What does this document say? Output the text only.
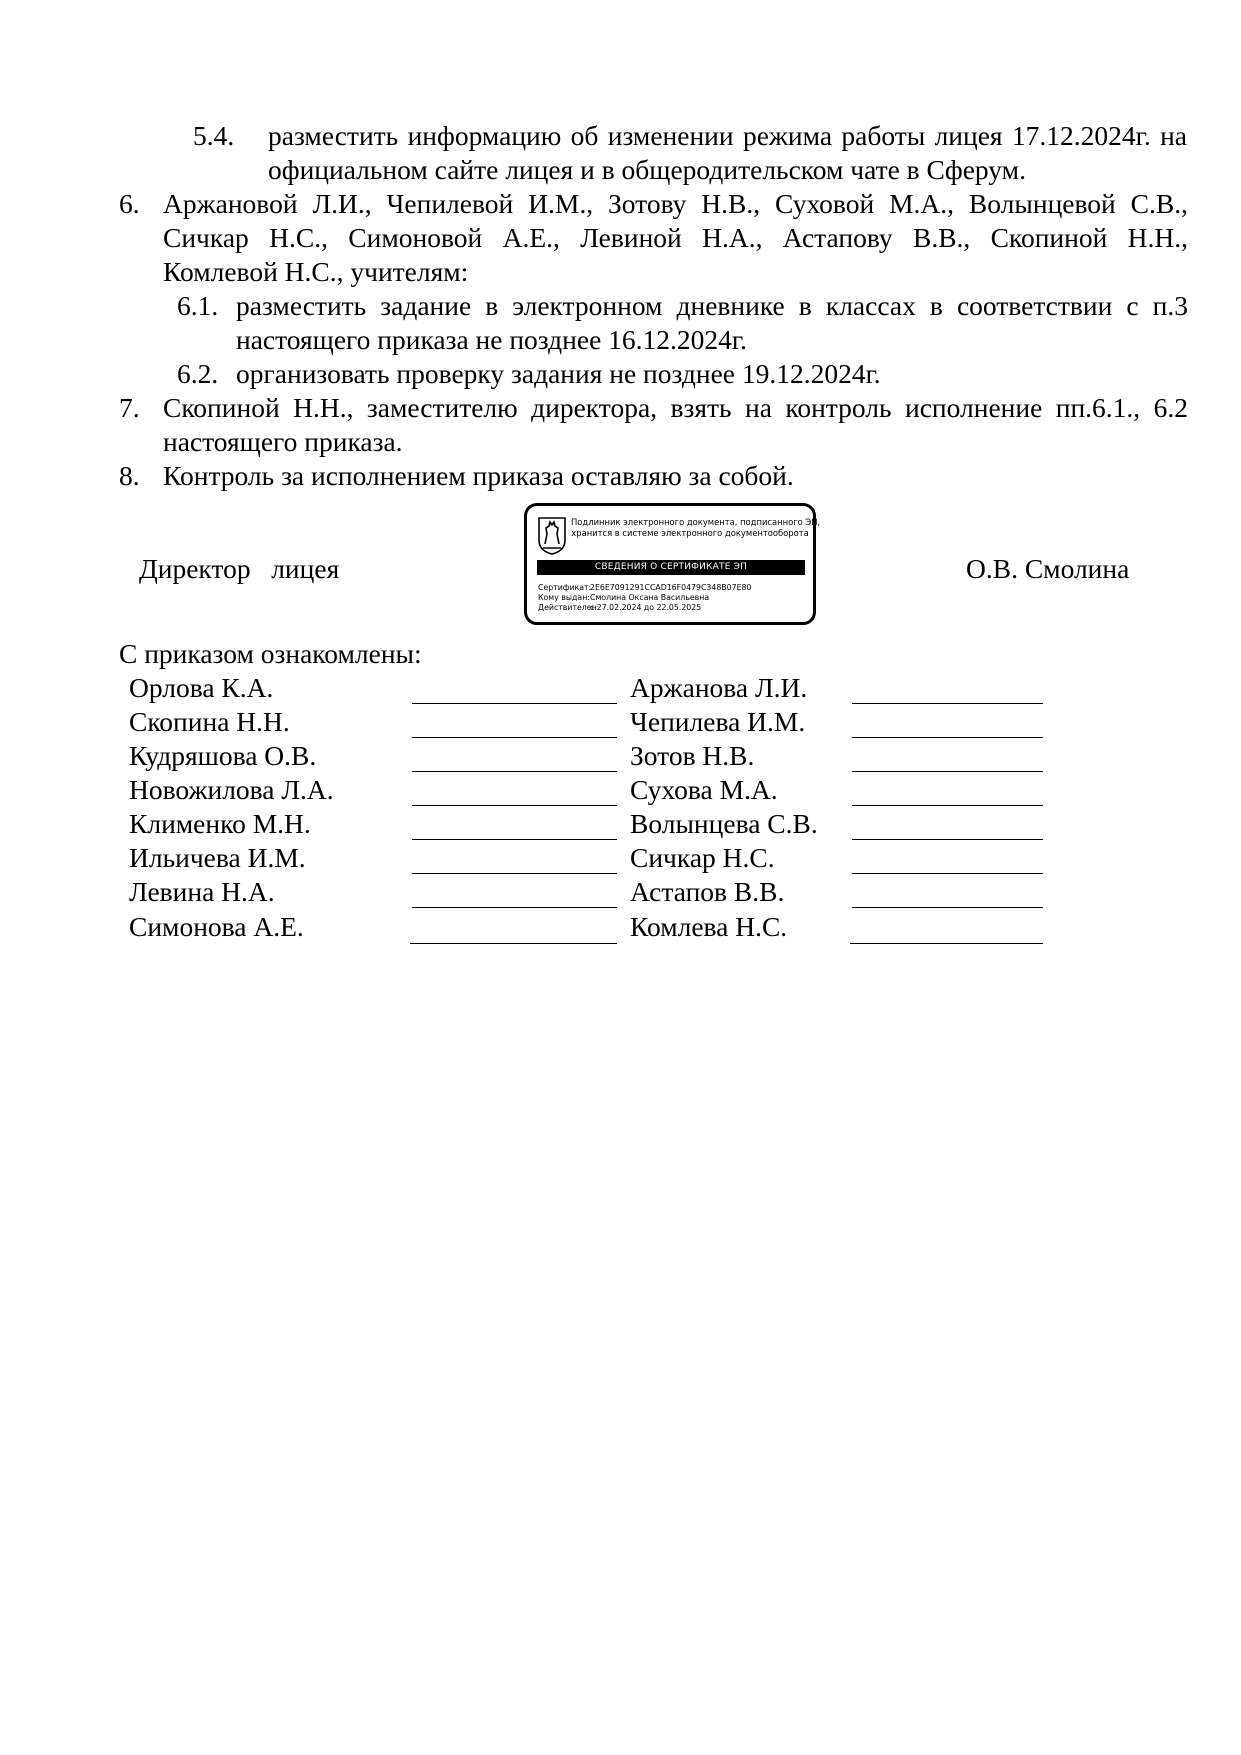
5.4. разместить информацию об изменении режима работы лицея 17.12.2024г. на официальном сайте лицея и в общеродительском чате в Сферум.
6. Аржановой Л.И., Чепилевой И.М., Зотову Н.В., Суховой М.А., Волынцевой С.В., Сичкар Н.С., Симоновой А.Е., Левиной Н.А., Астапову В.В., Скопиной Н.Н., Комлевой Н.С., учителям:
6.1. разместить задание в электронном дневнике в классах в соответствии с п.3 настоящего приказа не позднее 16.12.2024г.
6.2. организовать проверку задания не позднее 19.12.2024г.
7. Скопиной Н.Н., заместителю директора, взять на контроль исполнение пп.6.1., 6.2 настоящего приказа.
8. Контроль за исполнением приказа оставляю за собой.
Директор   лицея	О.В. Смолина
Подлинник электронного документа, подписанного ЭП,
хранится в системе электронного документооборота
СВЕДЕНИЯ О СЕРТИФИКАТЕ ЭП
Сертификат:2E6E7091291CCAD16F0479C348B07E80
Кому выдан:Смолина Оксана Васильевна
Действителен:с 27.02.2024 до 22.05.2025
С приказом ознакомлены:
Орлова К.А.
Скопина Н.Н.
Кудряшова О.В.
Новожилова Л.А.
Клименко М.Н.
Ильичева И.М.
Левина Н.А.
Симонова А.Е.
Аржанова Л.И.
Чепилева И.М.
Зотов Н.В.
Сухова М.А.
Волынцева С.В.
Сичкар Н.С.
Астапов В.В.
Комлева Н.С.
